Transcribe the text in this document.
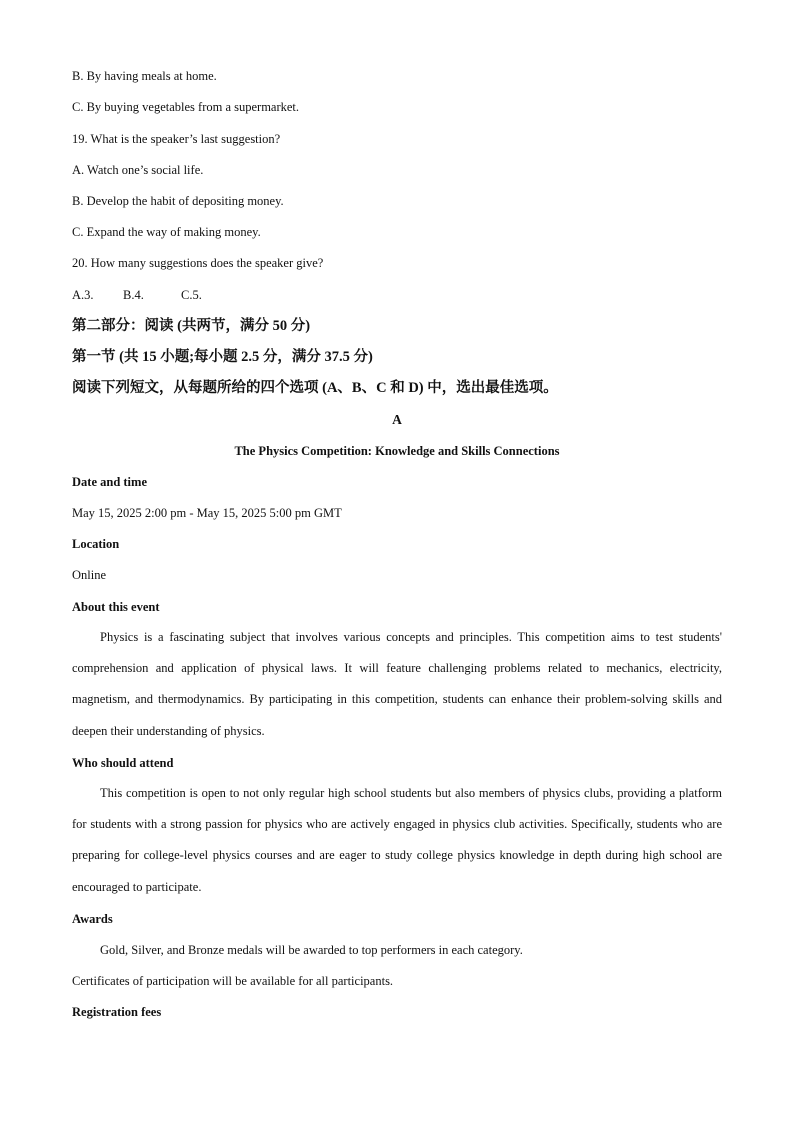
B. By having meals at home.
C. By buying vegetables from a supermarket.
19. What is the speaker’s last suggestion?
A. Watch one’s social life.
B. Develop the habit of depositing money.
C. Expand the way of making money.
20. How many suggestions does the speaker give?
A.3. B.4.	C.5.
第二部分：阅读 (共两节，满分 50 分)
第一节 (共 15 小题;每小题 2.5 分，满分 37.5 分)
阅读下列短文，从每题所给的四个选项 (A、B、C 和 D) 中，选出最佳选项。
A
The Physics Competition: Knowledge and Skills Connections
Date and time
May 15, 2025 2:00 pm - May 15, 2025 5:00 pm GMT
Location
Online
About this event
Physics is a fascinating subject that involves various concepts and principles. This competition aims to test students' comprehension and application of physical laws. It will feature challenging problems related to mechanics, electricity, magnetism, and thermodynamics. By participating in this competition, students can enhance their problem-solving skills and deepen their understanding of physics.
Who should attend
This competition is open to not only regular high school students but also members of physics clubs, providing a platform for students with a strong passion for physics who are actively engaged in physics club activities. Specifically, students who are preparing for college-level physics courses and are eager to study college physics knowledge in depth during high school are encouraged to participate.
Awards
Gold, Silver, and Bronze medals will be awarded to top performers in each category.
Certificates of participation will be available for all participants.
Registration fees
